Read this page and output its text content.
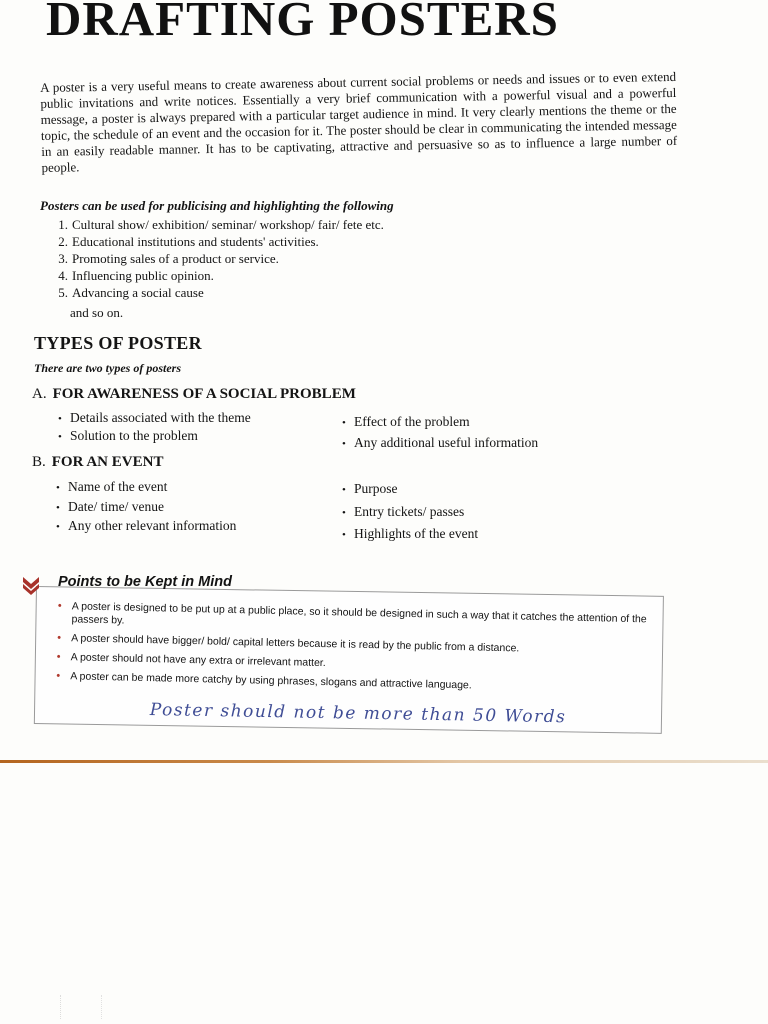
DRAFTING POSTERS

A poster is a very useful means to create awareness about current social problems or needs and issues or to even extend public invitations and write notices. Essentially a very brief communication with a powerful visual and a powerful message, a poster is always prepared with a particular target audience in mind. It very clearly mentions the theme or the topic, the schedule of an event and the occasion for it. The poster should be clear in communicating the intended message in an easily readable manner. It has to be captivating, attractive and persuasive so as to influence a large number of people.

Posters can be used for publicising and highlighting the following

1. Cultural show/ exhibition/ seminar/ workshop/ fair/ fete etc.
2. Educational institutions and students' activities.
3. Promoting sales of a product or service.
4. Influencing public opinion.
5. Advancing a social cause
and so on.
TYPES OF POSTER

There are two types of posters

A. FOR AWARENESS OF A SOCIAL PROBLEM
• Details associated with the theme
• Solution to the problem
• Effect of the problem
• Any additional useful information
B. FOR AN EVENT
• Name of the event
• Date/ time/ venue
• Any other relevant information
• Purpose
• Entry tickets/ passes
• Highlights of the event

Points to be Kept in Mind

• A poster is designed to be put up at a public place, so it should be designed in such a way that it catches the attention of the passers by.
• A poster should have bigger/ bold/ capital letters because it is read by the public from a distance.
• A poster should not have any extra or irrelevant matter.
• A poster can be made more catchy by using phrases, slogans and attractive language.

Poster should not be more than 50 Words
